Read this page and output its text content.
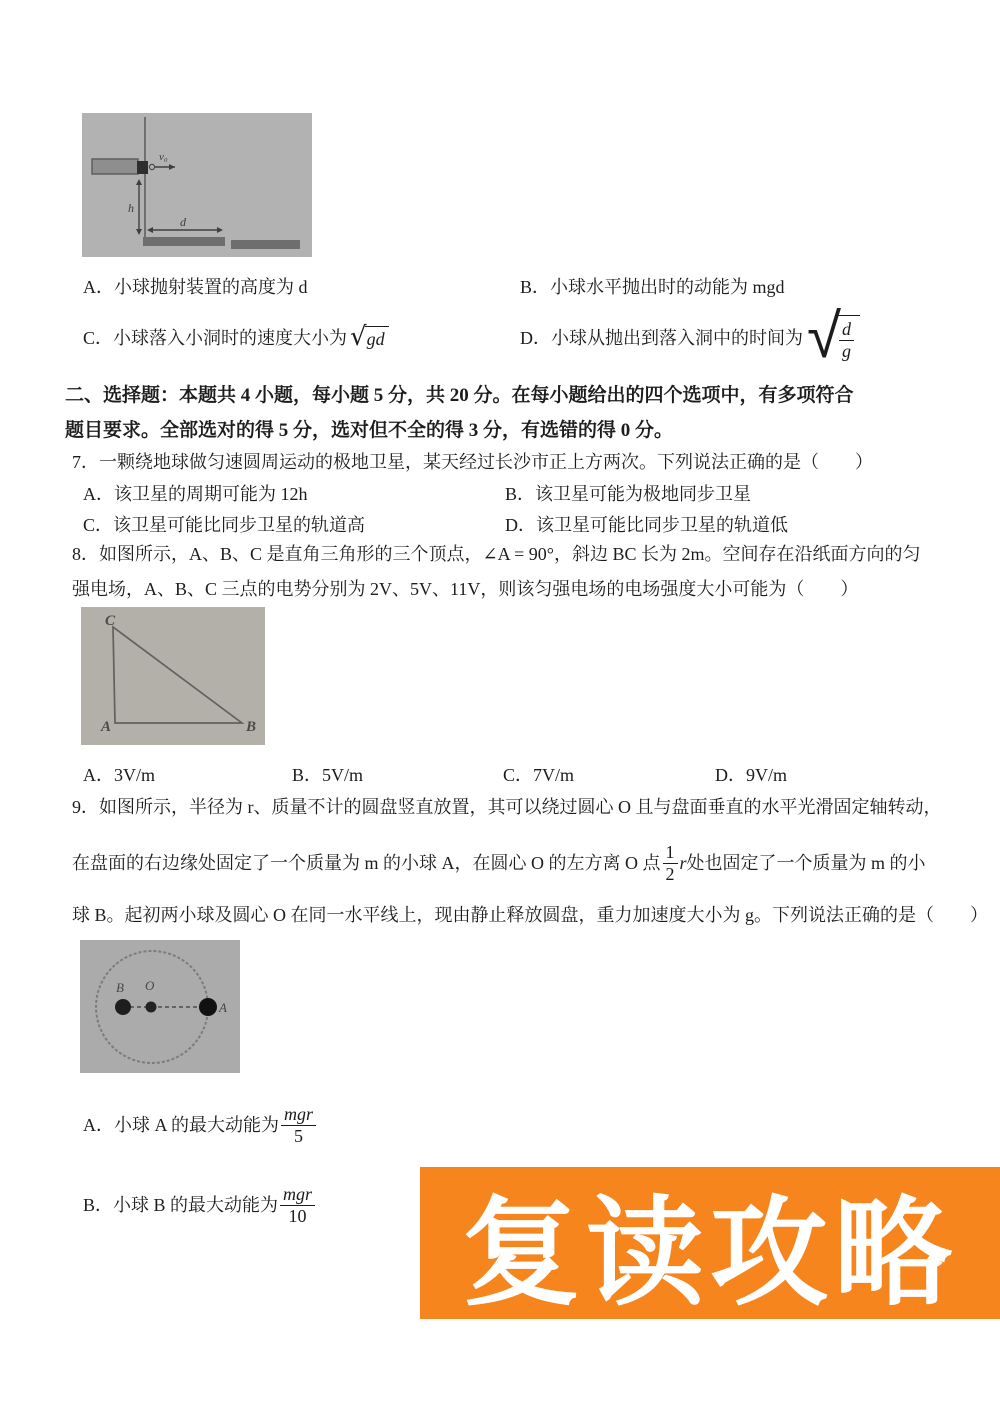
v₀
h
d
A．小球抛射装置的高度为 d	B．小球水平抛出时的动能为 mgd
C．小球落入小洞时的速度大小为 √ gd	D．小球从抛出到落入洞中的时间为 √
$\frac{d}{g}$
二、选择题：本题共 4 小题，每小题 5 分，共 20 分。在每小题给出的四个选项中，有多项符合
题目要求。全部选对的得 5 分，选对但不全的得 3 分，有选错的得 0 分。
7．一颗绕地球做匀速圆周运动的极地卫星，某天经过长沙市正上方两次。下列说法正确的是（　　）
A．该卫星的周期可能为 12h	B．该卫星可能为极地同步卫星
C．该卫星可能比同步卫星的轨道高	D．该卫星可能比同步卫星的轨道低
8．如图所示，A、B、C 是直角三角形的三个顶点，∠A = 90°，斜边 BC 长为 2m。空间存在沿纸面方向的匀
强电场，A、B、C 三点的电势分别为 2V、5V、11V，则该匀强电场的电场强度大小可能为（　　）
C
A	B
A．3V/m	B．5V/m	C．7V/m	D．9V/m
9．如图所示，半径为 r、质量不计的圆盘竖直放置，其可以绕过圆心 O 且与盘面垂直的水平光滑固定轴转动，
在盘面的右边缘处固定了一个质量为 m 的小球 A，在圆心 O 的左方离 O 点 $\frac{1}{2}$ r 处也固定了一个质量为 m 的小
球 B。起初两小球及圆心 O 在同一水平线上，现由静止释放圆盘，重力加速度大小为 g。下列说法正确的是（　　）
B O
A
A．小球 A 的最大动能为 $\frac{\text{mgr}}{5}$
B．小球 B 的最大动能为 $\frac{\text{mgr}}{10}$ 复读攻略
